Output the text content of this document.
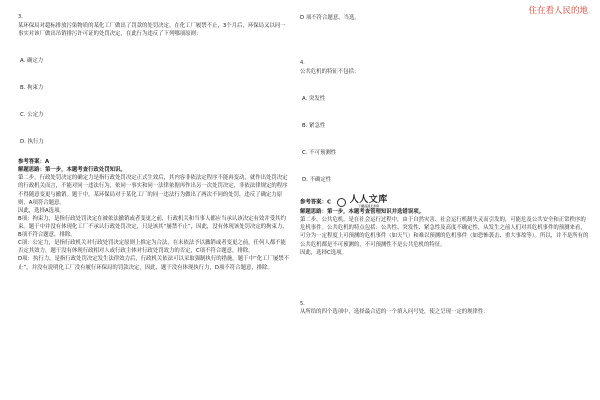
住在看人民的地
3.

某环保局对超标排放污染物质的某化工厂做出了罚款的处罚决定。在化工厂履禁不止，3个月后，环保局又以同一事实对该厂做出吊销排污许可证的处罚决定，在此行为违反了下列哪项原则：

A. 确定力

B. 拘束力

C. 公定力

D. 执行力

参考答案：A

解题思路：第一步，本题考查行政处罚知识。

第二步，行政处罚决定的确定力是指行政处罚决定正式生效后，其内容非依法定程序不能再变动，就作出处罚决定的行政机关而言，不能对同一违法行为，依同一事实和同一法律依据再作出另一次处罚决定，非依法律规定的程序不得随意变更与撤销。题干中，某环保局对于某化工厂的同一违法行为做出了两次不同的处罚，违反了确定力原则，A项符合题意。

因此，选择A选项。

B项：拘束力，是指行政处罚决定在被依法撤销或者变更之前，行政机关和当事人都应当承认该决定有效并受其约束。题干中并没有体现化工厂不承认行政处罚决定，只是该其“屡禁不止”，因此，没有体现该处罚决定的拘束力，B项不符合题意，排除。

C项：公定力，是指行政机关对行政处罚决定原则上推定为合法，在未依法予以撤销或者变更之前，任何人都不能否定其效力，题干没有体现行政相对人或行政主体对行政处罚效力的否定，C项不符合题意，排除。

D项：执行力，是指行政处罚决定发生法律效力后，行政机关依法可以采取强制执行的措施。题干中“化工厂屡禁不止”，并没有说明化工厂没有履行环保局的罚款决定，因此，题干没有体现执行力，D项不符合题意，排除。

D 项不符合题意，当选。

4.

公共危机的特征不包括：

A. 突发性

B. 紧急性

C. 不可预测性

D. 不确定性

参考答案：C 人人文库
下载高清无水印

解题思路：第一步，本题考查管理知识并选错误项。

第二步，公共危机，是在社会运行过程中，由于自然灾害、社会运行机制失灵而引发的，可能危及公共安全和正常秩序的危机事件。公共危机的特点包括：公共性、突发性、紧急性及高度不确定性，从发生之前人们对其危机事件的预测来看，可分为一定程度上可预测的危机事件（如天气）和难以预测的危机事件（如恐怖袭击、重大事故等）。所以，并不是所有的公共危机都是不可预测的，不可预测性不是公共危机的特征。

因此，选择C选项。

5.

从所给的四个选项中，选择最合适的一个填入问号处，使之呈现一定的规律性：
